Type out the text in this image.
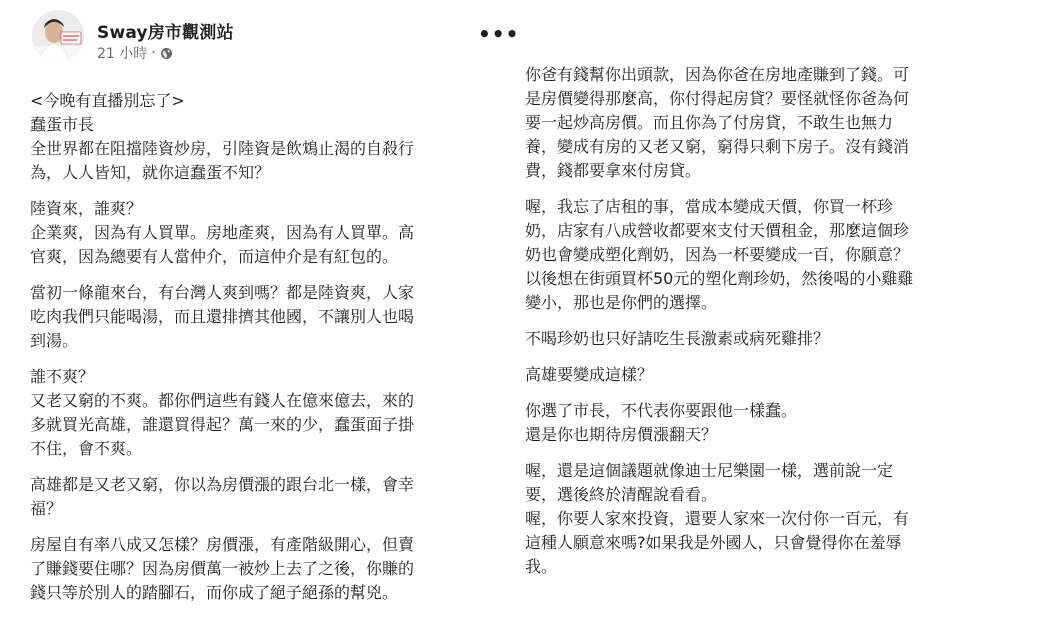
Sway房市觀測站
21 小時 ·
•••
<今晚有直播別忘了>
蠢蛋市長
全世界都在阻擋陸資炒房，引陸資是飲鴆止渴的自殺行
為，人人皆知，就你這蠢蛋不知？
陸資來，誰爽？
企業爽，因為有人買單。房地產爽，因為有人買單。高
官爽，因為總要有人當仲介，而這仲介是有紅包的。
當初一條龍來台，有台灣人爽到嗎？都是陸資爽，人家
吃肉我們只能喝湯，而且還排擠其他國，不讓別人也喝
到湯。
誰不爽？
又老又窮的不爽。都你們這些有錢人在億來億去，來的
多就買光高雄，誰還買得起？萬一來的少，蠢蛋面子掛
不住，會不爽。
高雄都是又老又窮，你以為房價漲的跟台北一樣，會幸
福？
房屋自有率八成又怎樣？房價漲，有產階級開心，但賣
了賺錢要住哪？因為房價萬一被炒上去了之後，你賺的
錢只等於別人的踏腳石，而你成了絕子絕孫的幫兇。
你爸有錢幫你出頭款，因為你爸在房地產賺到了錢。可
是房價變得那麼高，你付得起房貸？要怪就怪你爸為何
要一起炒高房價。而且你為了付房貸，不敢生也無力
養，變成有房的又老又窮，窮得只剩下房子。沒有錢消
費，錢都要拿來付房貸。
喔，我忘了店租的事，當成本變成天價，你買一杯珍
奶，店家有八成營收都要來支付天價租金，那麼這個珍
奶也會變成塑化劑奶，因為一杯要變成一百，你願意？
以後想在街頭買杯50元的塑化劑珍奶，然後喝的小雞雞
變小，那也是你們的選擇。
不喝珍奶也只好請吃生長激素或病死雞排？
高雄要變成這樣？
你選了市長，不代表你要跟他一樣蠢。
還是你也期待房價漲翻天？
喔，還是這個議題就像迪士尼樂園一樣，選前說一定
要，選後終於清醒說看看。
喔，你要人家來投資，還要人家來一次付你一百元，有
這種人願意來嗎?如果我是外國人，只會覺得你在羞辱
我。
